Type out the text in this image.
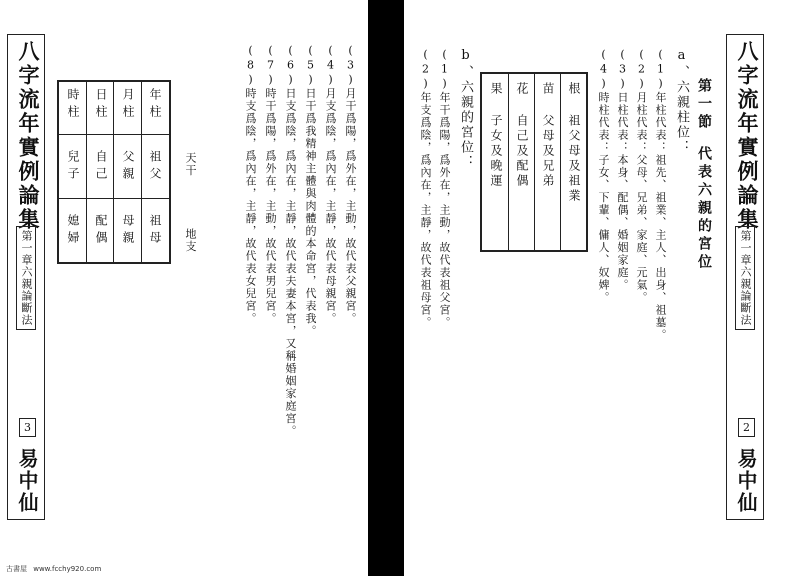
八字流年實例論集
第一章六親論斷法
3
易中仙
(3)月干爲陽，爲外在，主動，故代表父親宮。
(4)月支爲陰，爲內在，主靜，故代表母親宮。
(5)日干爲我精神主體與肉體的本命宮，代表我。
(6)日支爲陰，爲內在，主靜，故代表夫妻本宮，又稱婚姻家庭宮。
(7)時干爲陽，爲外在，主動，故代表男兒宮。
(8)時支爲陰，爲內在，主靜，故代表女兒宮。
天干
地支
年柱
祖父
祖母
月柱
父親
母親
日柱
自己
配偶
時柱
兒子
媳婦	八字流年實例論集
第一章六親論斷法
2
易中仙
第一節
代表六親的宮位
a、六親柱位：
(1)年柱代表：祖先、祖業、主人、出身、祖墓。
(2)月柱代表：父母、兄弟、家庭、元氣。
(3)日柱代表：本身、配偶、婚姻家庭。
(4)時柱代表：子女、下輩、傭人、奴婢。
根
祖父母及祖業
苗
父母及兄弟
花
自己及配偶
果
子女及晚運
b、六親的宮位：
(1)年干爲陽，爲外在，主動，故代表祖父宮。
(2)年支爲陰，爲內在，主靜，故代表祖母宮。
古書屋 www.fcchy920.com
